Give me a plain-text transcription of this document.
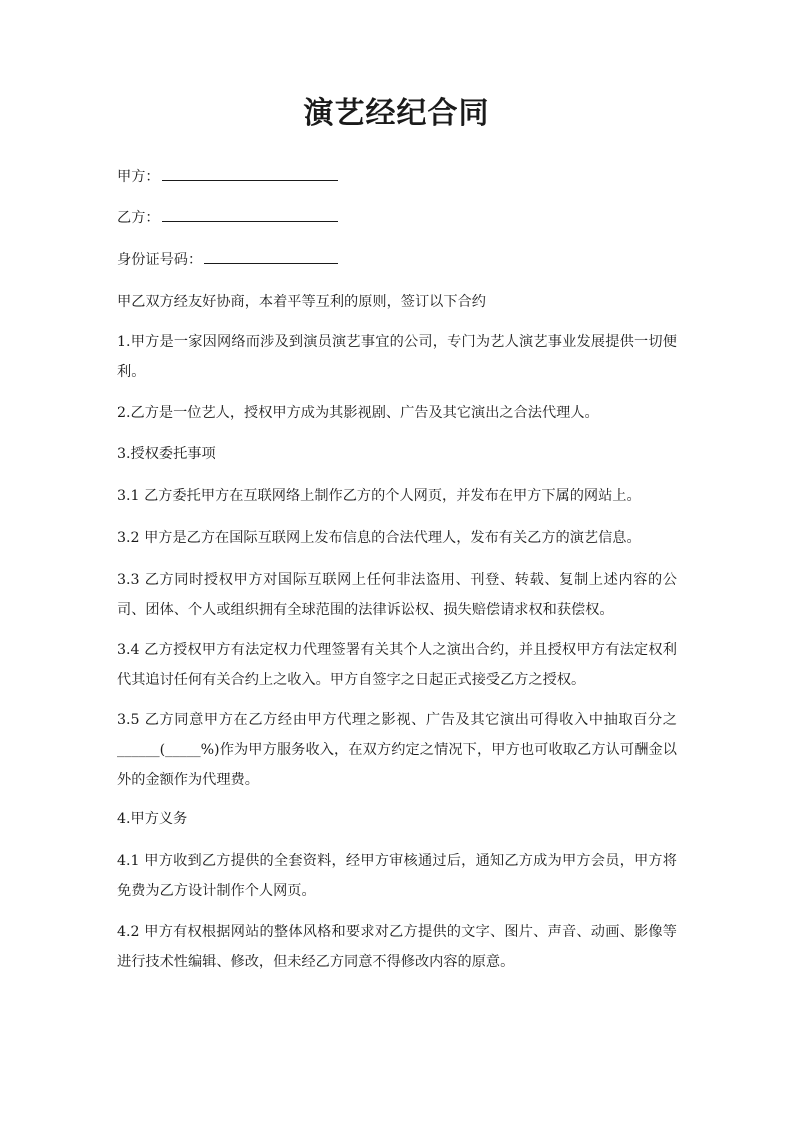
演艺经纪合同
甲方：
乙方：
身份证号码：
甲乙双方经友好协商，本着平等互利的原则，签订以下合约
1.甲方是一家因网络而涉及到演员演艺事宜的公司，专门为艺人演艺事业发展提供一切便利。
2.乙方是一位艺人，授权甲方成为其影视剧、广告及其它演出之合法代理人。
3.授权委托事项
3.1 乙方委托甲方在互联网络上制作乙方的个人网页，并发布在甲方下属的网站上。
3.2 甲方是乙方在国际互联网上发布信息的合法代理人，发布有关乙方的演艺信息。
3.3 乙方同时授权甲方对国际互联网上任何非法盗用、刊登、转载、复制上述内容的公司、团体、个人或组织拥有全球范围的法律诉讼权、损失赔偿请求权和获偿权。
3.4 乙方授权甲方有法定权力代理签署有关其个人之演出合约，并且授权甲方有法定权利代其追讨任何有关合约上之收入。甲方自签字之日起正式接受乙方之授权。
3.5 乙方同意甲方在乙方经由甲方代理之影视、广告及其它演出可得收入中抽取百分之______(_____%)作为甲方服务收入，在双方约定之情况下，甲方也可收取乙方认可酬金以外的金额作为代理费。
4.甲方义务
4.1 甲方收到乙方提供的全套资料，经甲方审核通过后，通知乙方成为甲方会员，甲方将免费为乙方设计制作个人网页。
4.2 甲方有权根据网站的整体风格和要求对乙方提供的文字、图片、声音、动画、影像等进行技术性编辑、修改，但未经乙方同意不得修改内容的原意。
